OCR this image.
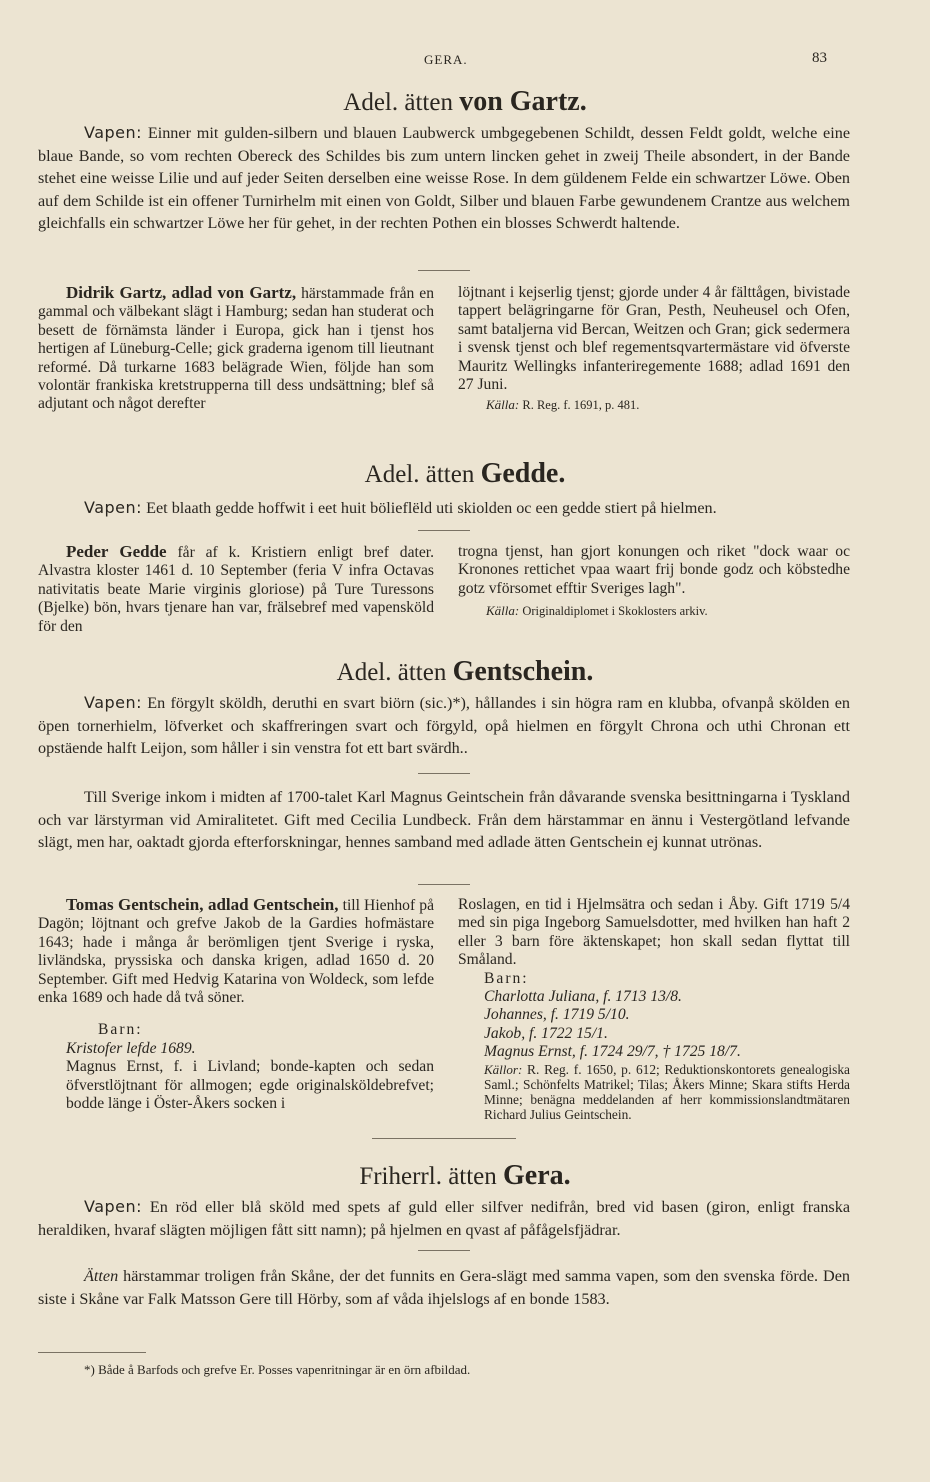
GERA.	83
Adel. ätten von Gartz.
Vapen: Einner mit gulden-silbern und blauen Laubwerck umbgegebenen Schildt, dessen Feldt goldt, welche eine blaue Bande, so vom rechten Obereck des Schildes bis zum untern lincken gehet in zweij Theile absondert, in der Bande stehet eine weisse Lilie und auf jeder Seiten derselben eine weisse Rose. In dem güldenem Felde ein schwartzer Löwe. Oben auf dem Schilde ist ein offener Turnirhelm mit einen von Goldt, Silber und blauen Farbe gewundenem Crantze aus welchem gleichfalls ein schwartzer Löwe her für gehet, in der rechten Pothen ein blosses Schwerdt haltende.
Didrik Gartz, adlad von Gartz, härstammade från en gammal och välbekant slägt i Hamburg; sedan han studerat och besett de förnämsta länder i Europa, gick han i tjenst hos hertigen af Lüneburg-Celle; gick graderna igenom till lieutnant reformé. Då turkarne 1683 belägrade Wien, följde han som volontär frankiska kretstrupperna till dess undsättning; blef så adjutant och något derefter
löjtnant i kejserlig tjenst; gjorde under 4 år fälttågen, bivistade tappert belägringarne för Gran, Pesth, Neuheusel och Ofen, samt bataljerna vid Bercan, Weitzen och Gran; gick sedermera i svensk tjenst och blef regementsqvartermästare vid öfverste Mauritz Wellingks infanteriregemente 1688; adlad 1691 den 27 Juni.
Källa: R. Reg. f. 1691, p. 481.
Adel. ätten Gedde.
Vapen: Eet blaath gedde hoffwit i eet huit bölieflëld uti skiolden oc een gedde stiert på hielmen.
Peder Gedde får af k. Kristiern enligt bref dater. Alvastra kloster 1461 d. 10 September (feria V infra Octavas nativitatis beate Marie virginis gloriose) på Ture Turessons (Bjelke) bön, hvars tjenare han var, frälsebref med vapensköld för den
trogna tjenst, han gjort konungen och riket "dock waar oc Kronones rettichet vpaa waart frij bonde godz och köbstedhe gotz vförsomet efftir Sveriges lagh".
Källa: Originaldiplomet i Skoklosters arkiv.
Adel. ätten Gentschein.
Vapen: En förgylt sköldh, deruthi en svart biörn (sic.)*), hållandes i sin högra ram en klubba, ofvanpå skölden en öpen tornerhielm, löfverket och skaffreringen svart och förgyld, opå hielmen en förgylt Chrona och uthi Chronan ett opstäende halft Leijon, som håller i sin venstra fot ett bart svärdh..
Till Sverige inkom i midten af 1700-talet Karl Magnus Geintschein från dåvarande svenska besittningarna i Tyskland och var lärstyrman vid Amiralitetet. Gift med Cecilia Lundbeck. Från dem härstammar en ännu i Vestergötland lefvande slägt, men har, oaktadt gjorda efterforskningar, hennes samband med adlade ätten Gentschein ej kunnat utrönas.
Tomas Gentschein, adlad Gentschein, till Hienhof på Dagön; löjtnant och grefve Jakob de la Gardies hofmästare 1643; hade i många år berömligen tjent Sverige i ryska, livländska, pryssiska och danska krigen, adlad 1650 d. 20 September. Gift med Hedvig Katarina von Woldeck, som lefde enka 1689 och hade då två söner.
Barn:
Kristofer lefde 1689.
Magnus Ernst, f. i Livland; bonde-kapten och sedan öfverstlöjtnant för allmogen; egde originalsköldebrefvet; bodde länge i Öster-Åkers socken i
Roslagen, en tid i Hjelmsätra och sedan i Åby. Gift 1719 5/4 med sin piga Ingeborg Samuelsdotter, med hvilken han haft 2 eller 3 barn före äktenskapet; hon skall sedan flyttat till Småland.
Barn:
Charlotta Juliana, f. 1713 13/8.
Johannes, f. 1719 5/10.
Jakob, f. 1722 15/1.
Magnus Ernst, f. 1724 29/7, † 1725 18/7.
Källor: R. Reg. f. 1650, p. 612; Reduktionskontorets genealogiska Saml.; Schönfelts Matrikel; Tilas; Åkers Minne; Skara stifts Herda Minne; benägna meddelanden af herr kommissionslandtmätaren Richard Julius Geintschein.
Friherrl. ätten Gera.
Vapen: En röd eller blå sköld med spets af guld eller silfver nedifrån, bred vid basen (giron, enligt franska heraldiken, hvaraf slägten möjligen fått sitt namn); på hjelmen en qvast af påfågelsfjädrar.
Ätten härstammar troligen från Skåne, der det funnits en Gera-slägt med samma vapen, som den svenska förde. Den siste i Skåne var Falk Matsson Gere till Hörby, som af våda ihjelslogs af en bonde 1583.
*) Både å Barfods och grefve Er. Posses vapenritningar är en örn afbildad.
